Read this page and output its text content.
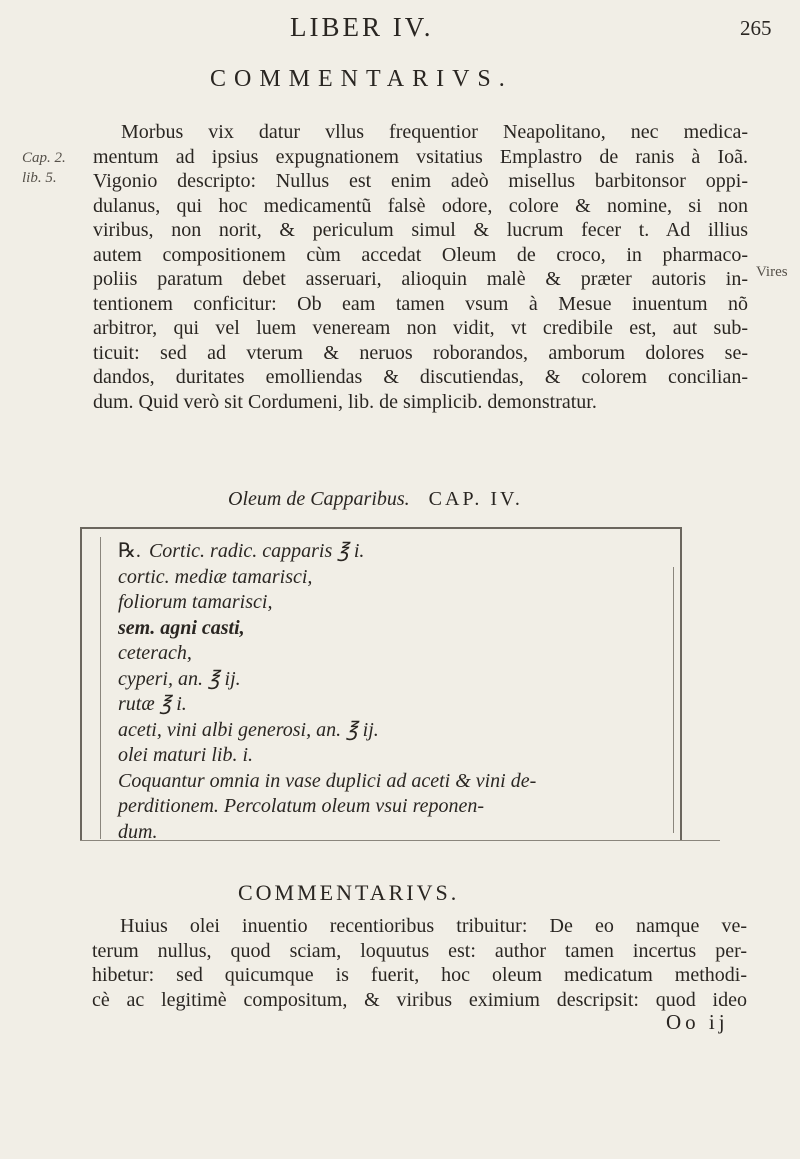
LIBER IV.	265
COMMENTARIVS.
Cap. 2.
lib. 5.
Vires
Morbus vix datur vllus frequentior Neapolitano, nec medica-
mentum ad ipsius expugnationem vsitatius Emplastro de ranis à Ioã.
Vigonio descripto: Nullus est enim adeò misellus barbitonsor oppi-
dulanus, qui hoc medicamentũ falsè odore, colore & nomine, si non
viribus, non norit, & periculum simul & lucrum fecer t. Ad illius
autem compositionem cùm accedat Oleum de croco, in pharmaco-
poliis paratum debet asseruari, alioquin malè & præter autoris in-
tentionem conficitur: Ob eam tamen vsum à Mesue inuentum nõ
arbitror, qui vel luem veneream non vidit, vt credibile est, aut sub-
ticuit: sed ad vterum & neruos roborandos, amborum dolores se-
dandos, duritates emolliendas & discutiendas, & colorem concilian-
dum. Quid verò sit Cordumeni, lib. de simplicib. demonstratur.
Oleum de Capparibus. CAP. IV.
℞. Cortic. radic. capparis ℥ i.
cortic. mediæ tamarisci,
foliorum tamarisci,
sem. agni casti,
ceterach,
cyperi, an. ℥ ij.
rutæ ℥ i.
aceti, vini albi generosi, an. ℥ ij.
olei maturi lib. i.
Coquantur omnia in vase duplici ad aceti & vini de-
perditionem. Percolatum oleum vsui reponen-
dum.
COMMENTARIVS.
Huius olei inuentio recentioribus tribuitur: De eo namque ve-
terum nullus, quod sciam, loquutus est: author tamen incertus per-
hibetur: sed quicumque is fuerit, hoc oleum medicatum methodi-
cè ac legitimè compositum, & viribus eximium descripsit: quod ideo
Oo ij
